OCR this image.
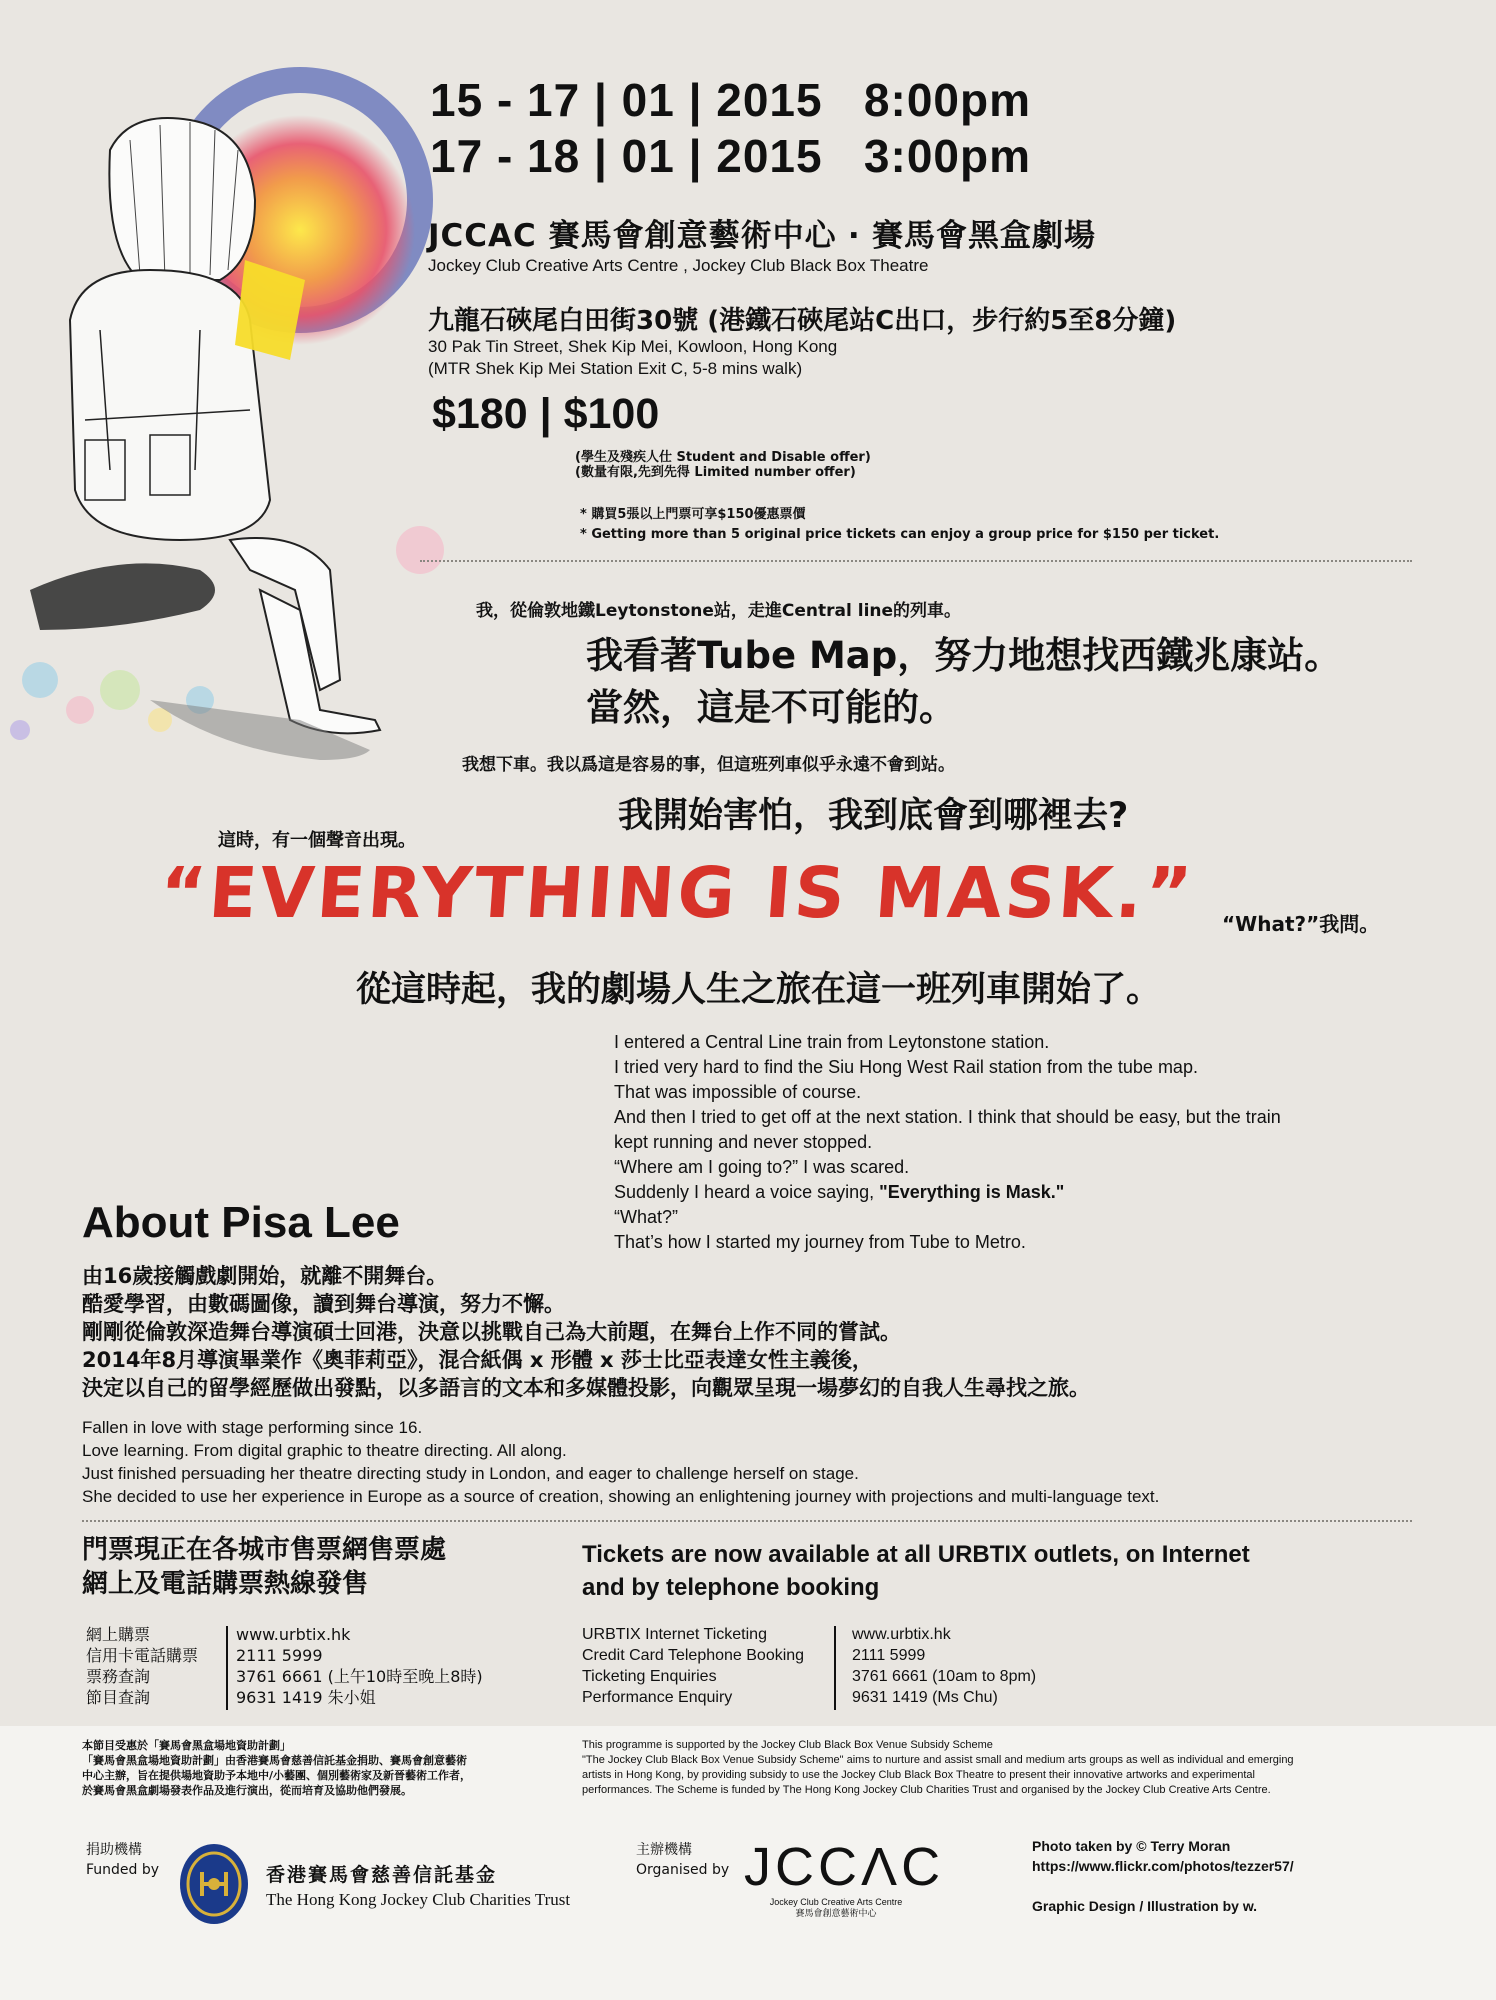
15 - 17 | 01 | 2015   8:00pm
17 - 18 | 01 | 2015   3:00pm
JCCAC 賽馬會創意藝術中心 ‧ 賽馬會黑盒劇場
Jockey Club Creative Arts Centre , Jockey Club Black Box Theatre
九龍石硤尾白田街30號 (港鐵石硤尾站C出口，步行約5至8分鐘)
30 Pak Tin Street, Shek Kip Mei, Kowloon, Hong Kong
(MTR Shek Kip Mei Station Exit C, 5-8 mins walk)
$180 | $100
(學生及殘疾人仕 Student and Disable offer)
(數量有限,先到先得 Limited number offer)
* 購買5張以上門票可享$150優惠票價
* Getting more than 5 original price tickets can enjoy a group price for $150 per ticket.
我，從倫敦地鐵Leytonstone站，走進Central line的列車。
我看著Tube Map，努力地想找西鐵兆康站。
當然，這是不可能的。
我想下車。我以爲這是容易的事，但這班列車似乎永遠不會到站。
我開始害怕，我到底會到哪裡去?
這時，有一個聲音出現。
“EVERYTHING IS MASK.” “What?”我問。
從這時起，我的劇場人生之旅在這一班列車開始了。
I entered a Central Line train from Leytonstone station.
I tried very hard to find the Siu Hong West Rail station from the tube map.
That was impossible of course.
And then I tried to get off at the next station. I think that should be easy, but the train
kept running and never stopped.
“Where am I going to?” I was scared.
Suddenly I heard a voice saying, "Everything is Mask."
“What?”
That’s how I started my journey from Tube to Metro.
About Pisa Lee
由16歲接觸戲劇開始，就離不開舞台。
酷愛學習，由數碼圖像，讀到舞台導演，努力不懈。
剛剛從倫敦深造舞台導演碩士回港，決意以挑戰自己為大前題，在舞台上作不同的嘗試。
2014年8月導演畢業作《奧菲莉亞》，混合紙偶 x 形體 x 莎士比亞表達女性主義後，
決定以自己的留學經歷做出發點，以多語言的文本和多媒體投影，向觀眾呈現一場夢幻的自我人生尋找之旅。
Fallen in love with stage performing since 16.
Love learning. From digital graphic to theatre directing. All along.
Just finished persuading her theatre directing study in London, and eager to challenge herself on stage.
She decided to use her experience in Europe as a source of creation, showing an enlightening journey with projections and multi-language text.
門票現正在各城市售票網售票處
網上及電話購票熱線發售
Tickets are now available at all URBTIX outlets, on Internet
and by telephone booking
網上購票
信用卡電話購票
票務查詢
節目查詢
www.urbtix.hk
2111 5999
3761 6661 (上午10時至晚上8時)
9631 1419 朱小姐
URBTIX Internet Ticketing
Credit Card Telephone Booking
Ticketing Enquiries
Performance Enquiry
www.urbtix.hk
2111 5999
3761 6661 (10am to 8pm)
9631 1419 (Ms Chu)
本節目受惠於「賽馬會黑盒場地資助計劃」
「賽馬會黑盒場地資助計劃」由香港賽馬會慈善信託基金捐助、賽馬會創意藝術
中心主辦，旨在提供場地資助予本地中/小藝團、個別藝術家及新晉藝術工作者，
於賽馬會黑盒劇場發表作品及進行演出，從而培育及協助他們發展。
This programme is supported by the Jockey Club Black Box Venue Subsidy Scheme
"The Jockey Club Black Box Venue Subsidy Scheme" aims to nurture and assist small and medium arts groups as well as individual and emerging
artists in Hong Kong, by providing subsidy to use the Jockey Club Black Box Theatre to present their innovative artworks and experimental
performances. The Scheme is funded by The Hong Kong Jockey Club Charities Trust and organised by the Jockey Club Creative Arts Centre.
捐助機構
Funded by	香港賽馬會慈善信託基金
The Hong Kong Jockey Club Charities Trust
主辦機構
Organised by JCCΛC
Jockey Club Creative Arts Centre
賽馬會創意藝術中心
Photo taken by © Terry Moran
https://www.flickr.com/photos/tezzer57/
Graphic Design / Illustration by w.
